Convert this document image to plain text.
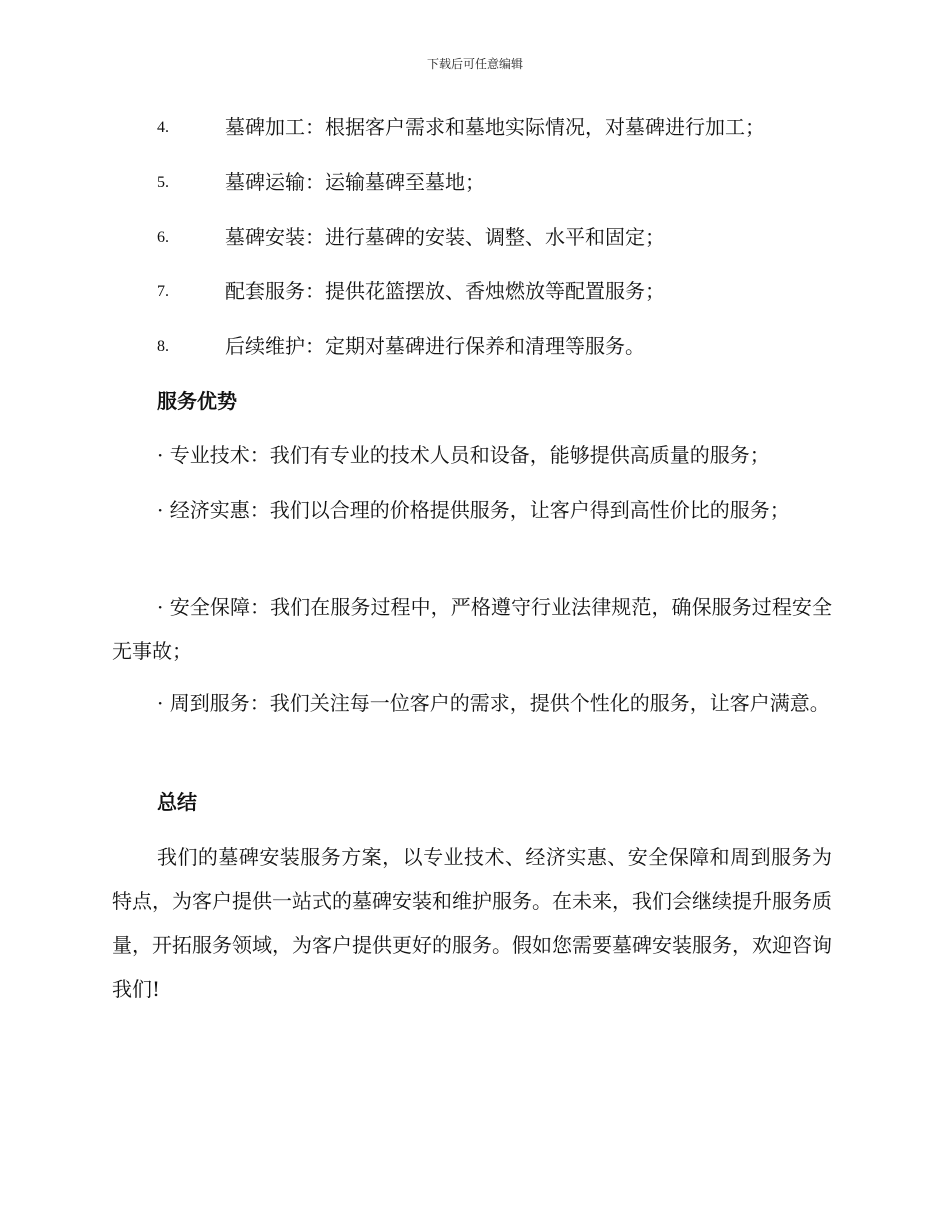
下载后可任意编辑
4.	墓碑加工：根据客户需求和墓地实际情况，对墓碑进行加工；
5.	墓碑运输：运输墓碑至墓地；
6.	墓碑安装：进行墓碑的安装、调整、水平和固定；
7.	配套服务：提供花篮摆放、香烛燃放等配置服务；
8.	后续维护：定期对墓碑进行保养和清理等服务。
服务优势
· 专业技术：我们有专业的技术人员和设备，能够提供高质量的服务；
· 经济实惠：我们以合理的价格提供服务，让客户得到高性价比的服务；
· 安全保障：我们在服务过程中，严格遵守行业法律规范，确保服务过程安全无事故；
· 周到服务：我们关注每一位客户的需求，提供个性化的服务，让客户满意。
总结
我们的墓碑安装服务方案，以专业技术、经济实惠、安全保障和周到服务为特点，为客户提供一站式的墓碑安装和维护服务。在未来，我们会继续提升服务质量，开拓服务领域，为客户提供更好的服务。假如您需要墓碑安装服务，欢迎咨询我们!
